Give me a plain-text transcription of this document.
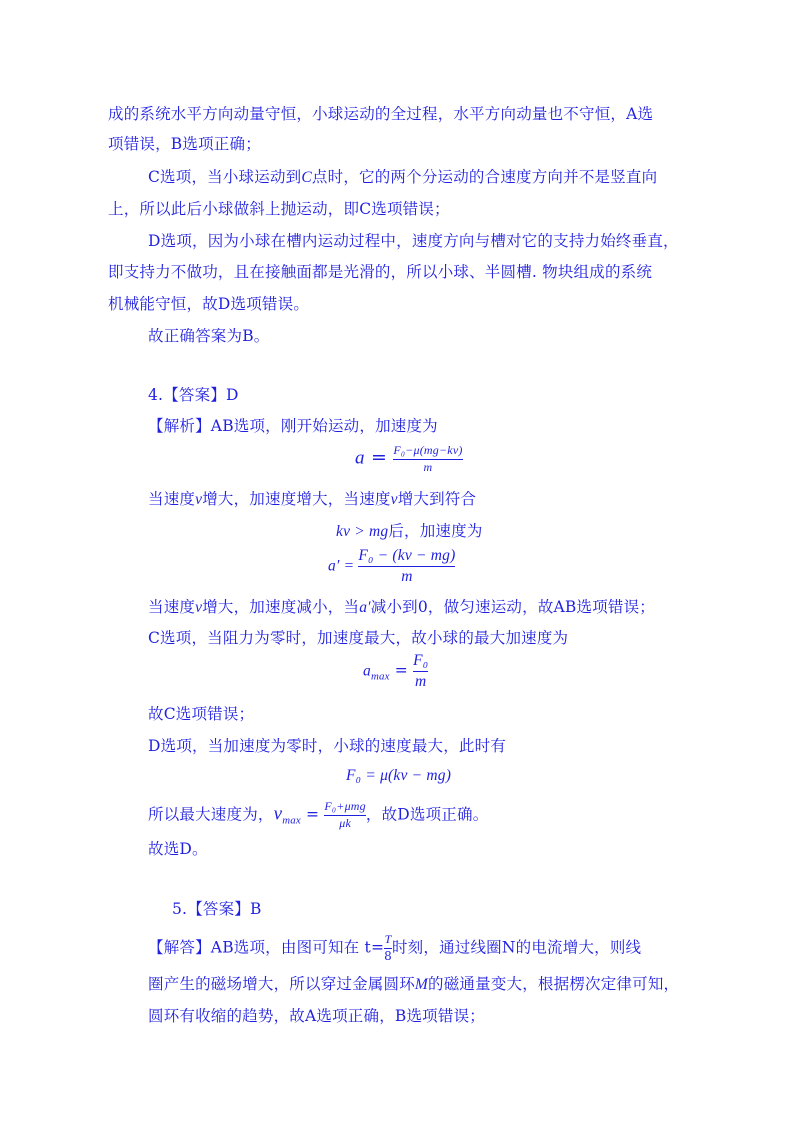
成的系统水平方向动量守恒，小球运动的全过程，水平方向动量也不守恒，A选
项错误，B选项正确；
C选项，当小球运动到C点时，它的两个分运动的合速度方向并不是竖直向
上，所以此后小球做斜上抛运动，即C选项错误；
D选项，因为小球在槽内运动过程中，速度方向与槽对它的支持力始终垂直，
即支持力不做功，且在接触面都是光滑的，所以小球、半圆槽. 物块组成的系统
机械能守恒，故D选项错误。
故正确答案为B。
4.【答案】D
【解析】AB选项，刚开始运动，加速度为
$a = \frac{\text{F₀−μ(mg−kv)}}{m}$
当速度v增大，加速度增大，当速度v增大到符合
kv > mg后，加速度为
$a' = \frac{\text{F₀ − (kv − mg)}}{m}$
当速度v增大，加速度减小，当a′减小到0，做匀速运动，故AB选项错误；
C选项，当阻力为零时，加速度最大，故小球的最大加速度为
$a_{max} = \frac{\text{F₀}}{m}$
故C选项错误；
D选项，当加速度为零时，小球的速度最大，此时有
F₀ = μ(kv − mg)
所以最大速度为，$v_{max} = \frac{\text{F₀+μmg}}{\mu k}$ ，故D选项正确。
故选D。
5.【答案】B
【解答】AB选项，由图可知在 $t= \frac{T}{8}$ 时刻，通过线圈N的电流增大，则线
圈产生的磁场增大，所以穿过金属圆环M的磁通量变大，根据楞次定律可知，
圆环有收缩的趋势，故A选项正确，B选项错误；
